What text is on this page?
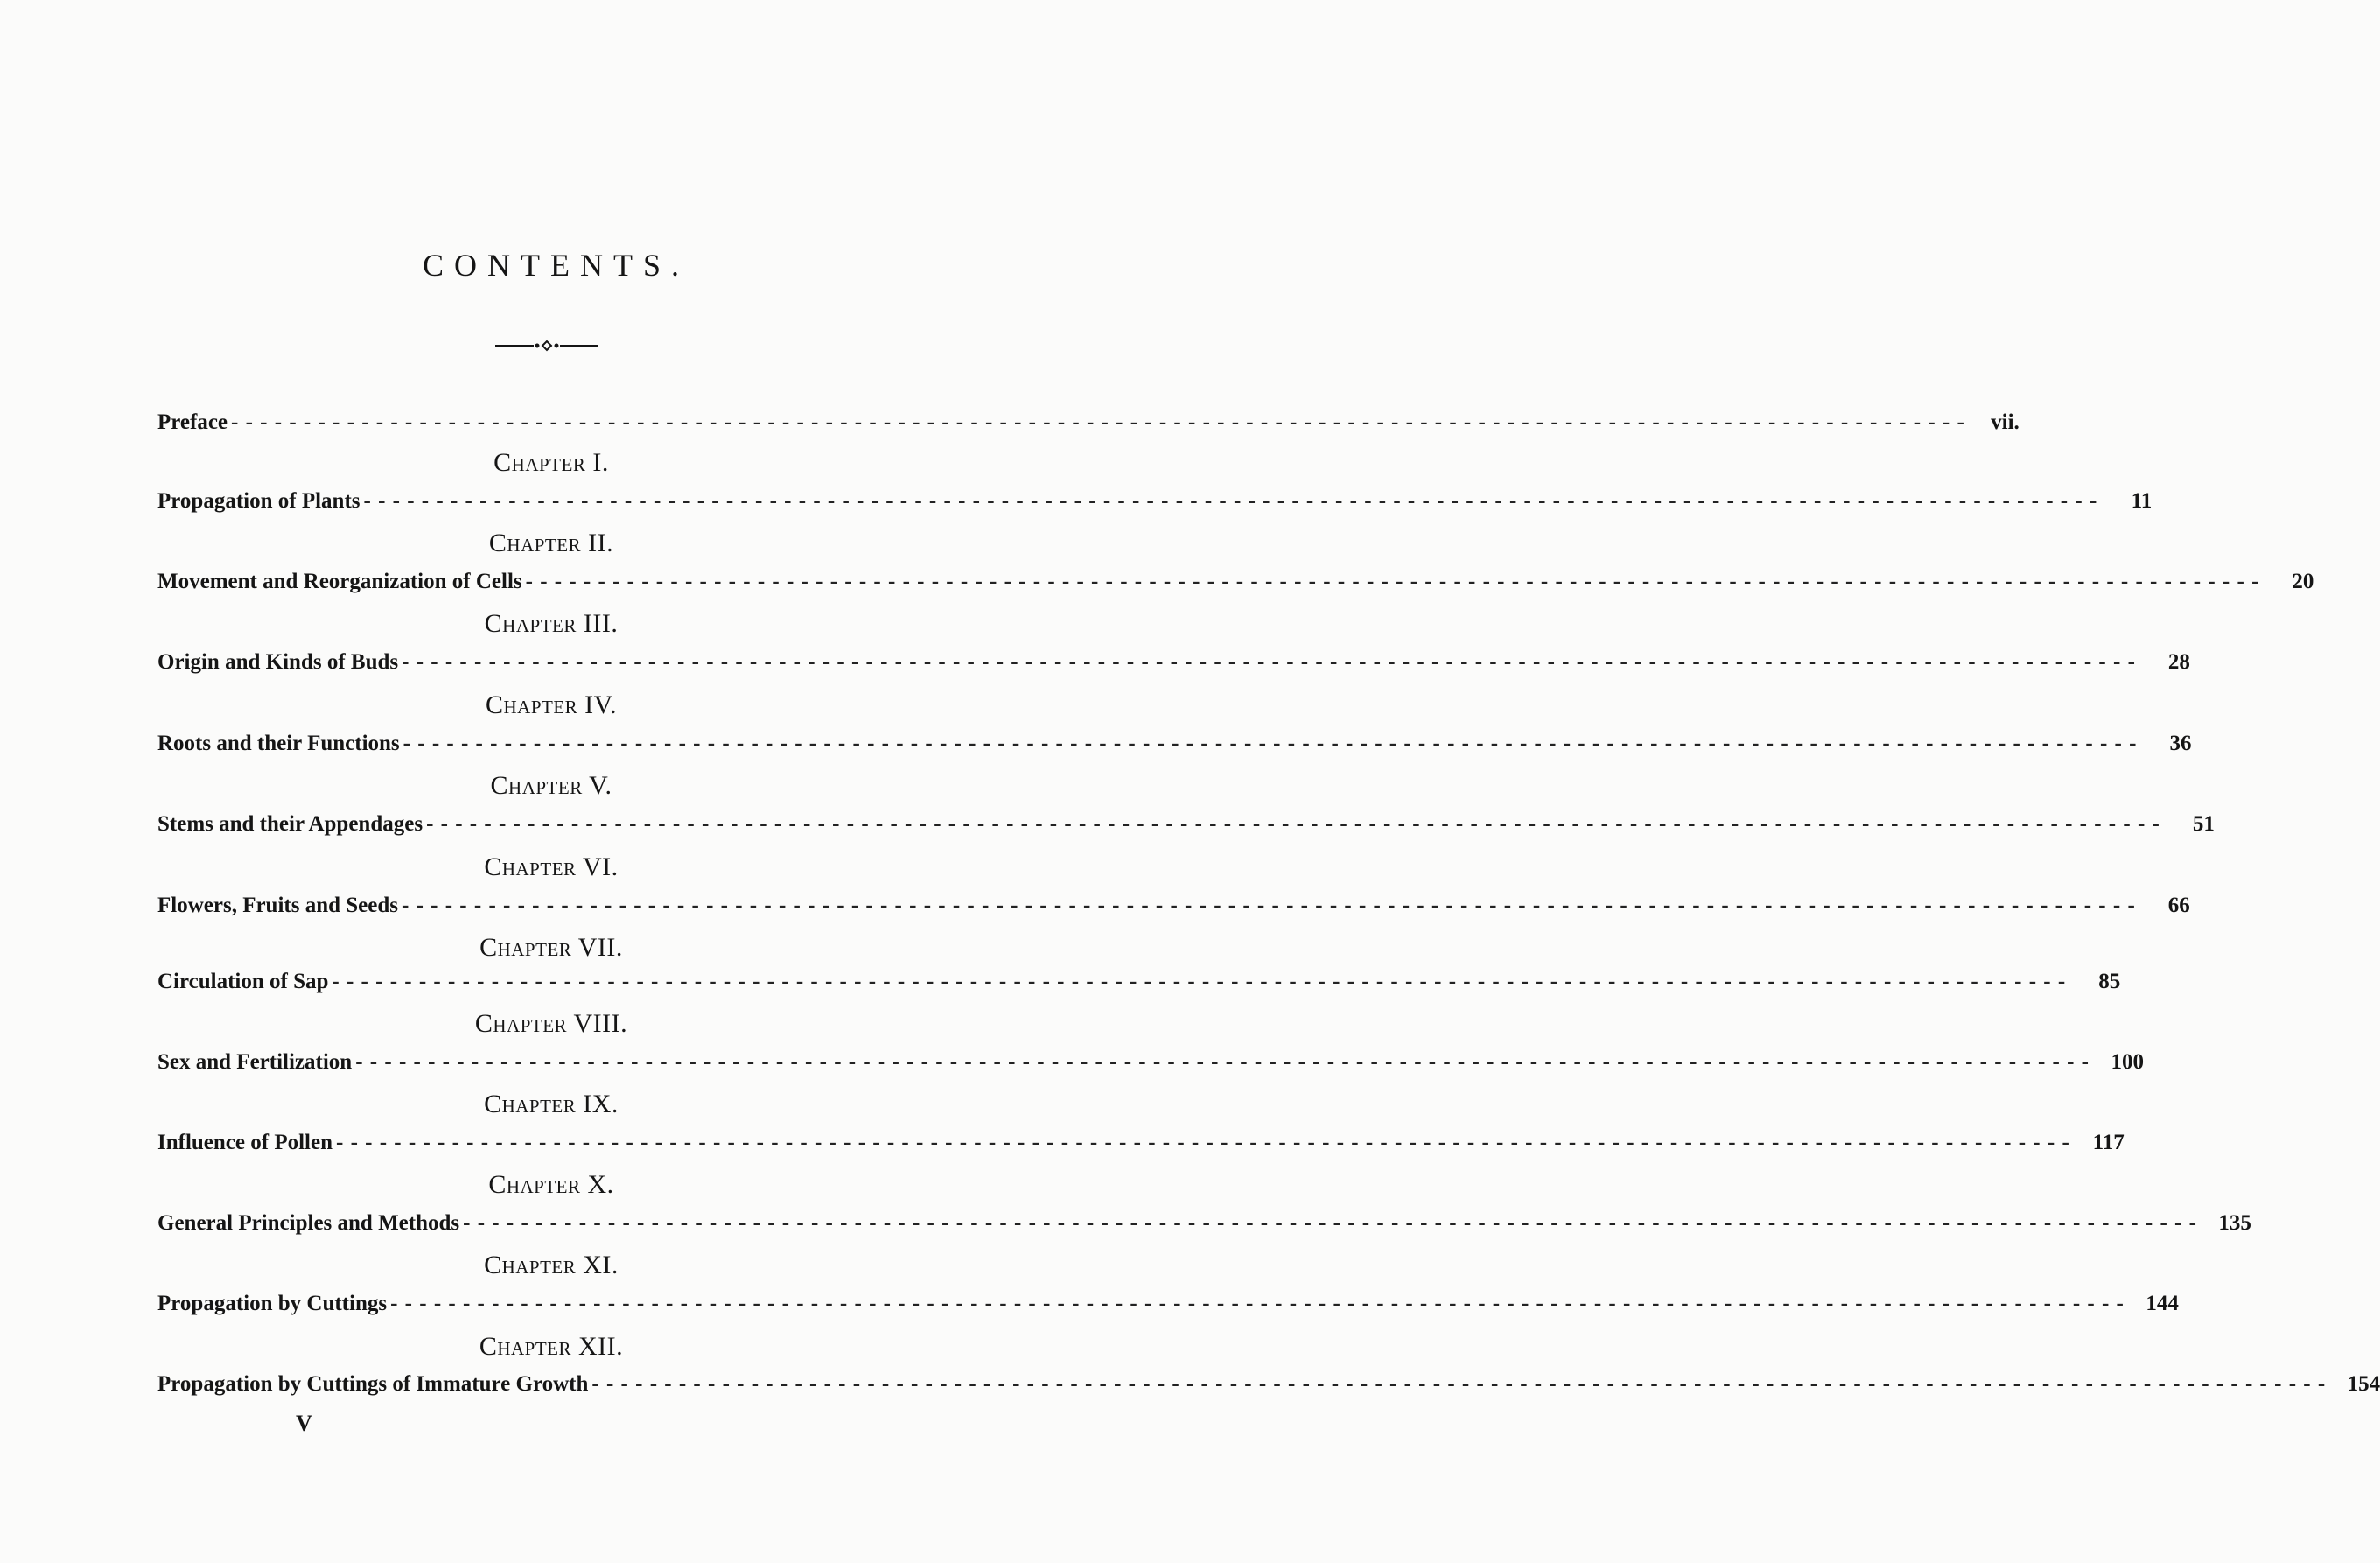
CONTENTS.
Preface - - - - - - - - - - - - - - - - - - - - - - - - - - - - - - - - - - - - - - - - - - - - - - - - - - - - - - - - - - - - - - - - - - - - - - - - - - - - - - - - - - - - - - - - - - - - - - - - - - - - - - - - - - - - - - - - - - - - - - - -	vii.
Chapter I.
Propagation of Plants - - - - - - - - - - - - - - - - - - - - - - - - - - - - - - - - - - - - - - - - - - - - - - - - - - - - - - - - - - - - - - - - - - - - - - - - - - - - - - - - - - - - - - - - - - - - - - - - - - - - - - - - - - - - - - - - - - - - - - - -	11
Chapter II.
Movement and Reorganization of Cells - - - - - - - - - - - - - - - - - - - - - - - - - - - - - - - - - - - - - - - - - - - - - - - - - - - - - - - - - - - - - - - - - - - - - - - - - - - - - - - - - - - - - - - - - - - - - - - - - - - - - - - - - - - - - - - - - - - - - - - -	20
Chapter III.
Origin and Kinds of Buds - - - - - - - - - - - - - - - - - - - - - - - - - - - - - - - - - - - - - - - - - - - - - - - - - - - - - - - - - - - - - - - - - - - - - - - - - - - - - - - - - - - - - - - - - - - - - - - - - - - - - - - - - - - - - - - - - - - - - - - -	28
Chapter IV.
Roots and their Functions - - - - - - - - - - - - - - - - - - - - - - - - - - - - - - - - - - - - - - - - - - - - - - - - - - - - - - - - - - - - - - - - - - - - - - - - - - - - - - - - - - - - - - - - - - - - - - - - - - - - - - - - - - - - - - - - - - - - - - - -	36
Chapter V.
Stems and their Appendages - - - - - - - - - - - - - - - - - - - - - - - - - - - - - - - - - - - - - - - - - - - - - - - - - - - - - - - - - - - - - - - - - - - - - - - - - - - - - - - - - - - - - - - - - - - - - - - - - - - - - - - - - - - - - - - - - - - - - - - -	51
Chapter VI.
Flowers, Fruits and Seeds - - - - - - - - - - - - - - - - - - - - - - - - - - - - - - - - - - - - - - - - - - - - - - - - - - - - - - - - - - - - - - - - - - - - - - - - - - - - - - - - - - - - - - - - - - - - - - - - - - - - - - - - - - - - - - - - - - - - - - - -	66
Chapter VII.
Circulation of Sap - - - - - - - - - - - - - - - - - - - - - - - - - - - - - - - - - - - - - - - - - - - - - - - - - - - - - - - - - - - - - - - - - - - - - - - - - - - - - - - - - - - - - - - - - - - - - - - - - - - - - - - - - - - - - - - - - - - - - - - -	85
Chapter VIII.
Sex and Fertilization - - - - - - - - - - - - - - - - - - - - - - - - - - - - - - - - - - - - - - - - - - - - - - - - - - - - - - - - - - - - - - - - - - - - - - - - - - - - - - - - - - - - - - - - - - - - - - - - - - - - - - - - - - - - - - - - - - - - - - - - 100
Chapter IX.
Influence of Pollen - - - - - - - - - - - - - - - - - - - - - - - - - - - - - - - - - - - - - - - - - - - - - - - - - - - - - - - - - - - - - - - - - - - - - - - - - - - - - - - - - - - - - - - - - - - - - - - - - - - - - - - - - - - - - - - - - - - - - - - -	117
Chapter X.
General Principles and Methods - - - - - - - - - - - - - - - - - - - - - - - - - - - - - - - - - - - - - - - - - - - - - - - - - - - - - - - - - - - - - - - - - - - - - - - - - - - - - - - - - - - - - - - - - - - - - - - - - - - - - - - - - - - - - - - - - - - - - - - - 135
Chapter XI.
Propagation by Cuttings - - - - - - - - - - - - - - - - - - - - - - - - - - - - - - - - - - - - - - - - - - - - - - - - - - - - - - - - - - - - - - - - - - - - - - - - - - - - - - - - - - - - - - - - - - - - - - - - - - - - - - - - - - - - - - - - - - - - - - - - 144
Chapter XII.
Propagation by Cuttings of Immature Growth - - - - - - - - - - - - - - - - - - - - - - - - - - - - - - - - - - - - - - - - - - - - - - - - - - - - - - - - - - - - - - - - - - - - - - - - - - - - - - - - - - - - - - - - - - - - - - - - - - - - - - - - - - - - - - - - - - - - - - - - 154
V
